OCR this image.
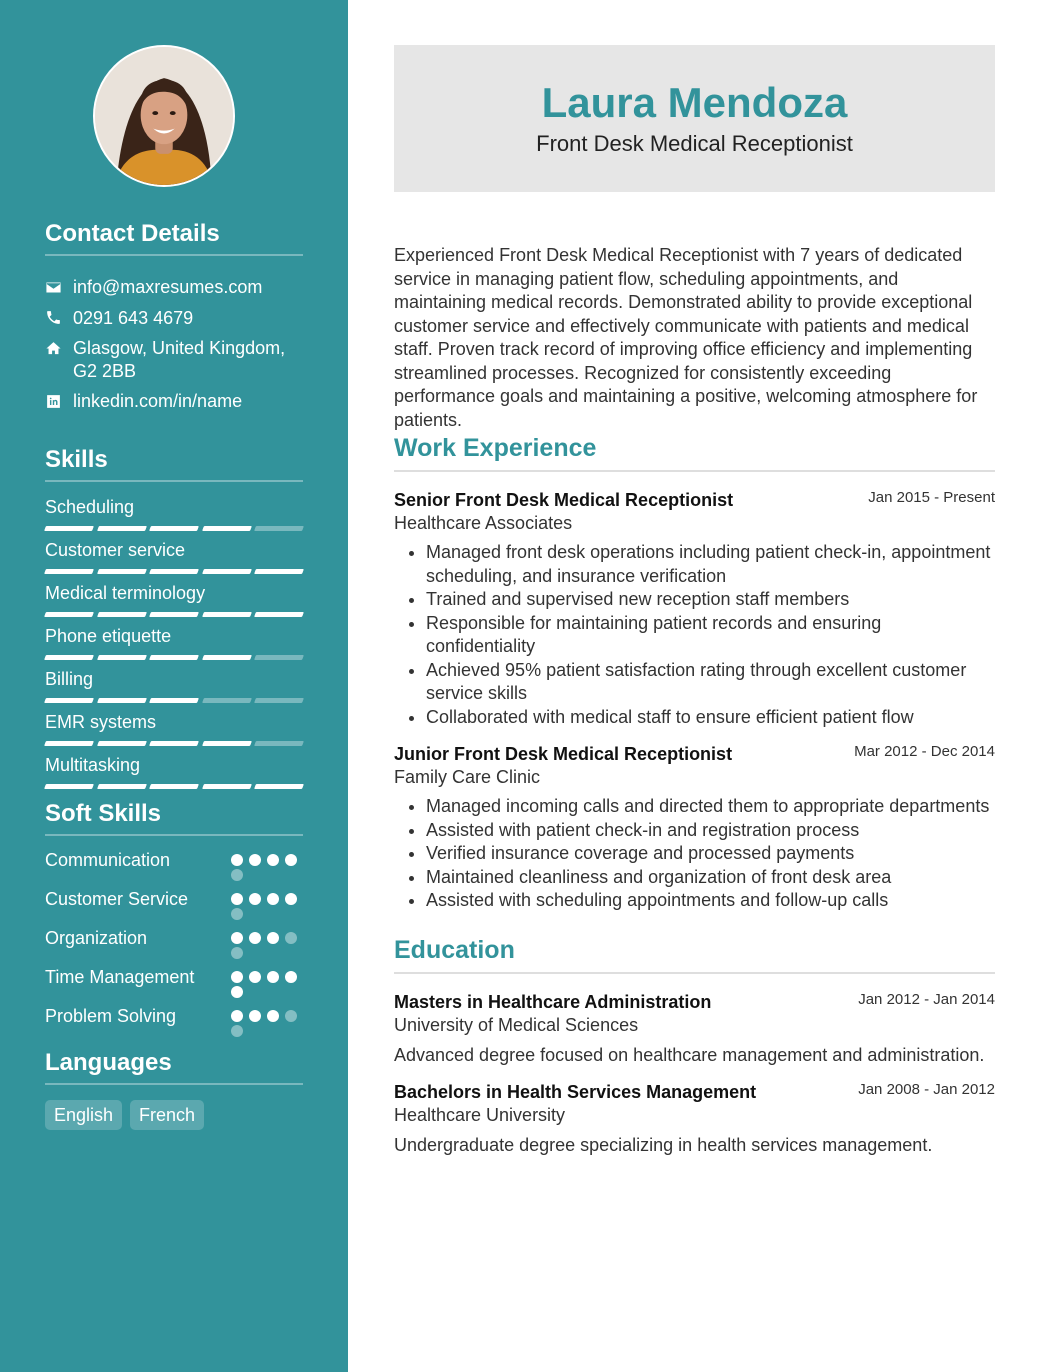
Contact Details
info@maxresumes.com
0291 643 4679
Glasgow, United Kingdom, G2 2BB
linkedin.com/in/name
Skills
Scheduling
Customer service
Medical terminology
Phone etiquette
Billing
EMR systems
Multitasking
Soft Skills
Communication
Customer Service
Organization
Time Management
Problem Solving
Languages
English	French
Laura Mendoza
Front Desk Medical Receptionist

Experienced Front Desk Medical Receptionist with 7 years of dedicated service in managing patient flow, scheduling appointments, and maintaining medical records. Demonstrated ability to provide exceptional customer service and effectively communicate with patients and medical staff. Proven track record of improving office efficiency and implementing streamlined processes. Recognized for consistently exceeding performance goals and maintaining a positive, welcoming atmosphere for patients.

Work Experience
Senior Front Desk Medical Receptionist	Jan 2015 - Present
Healthcare Associates
• Managed front desk operations including patient check-in, appointment scheduling, and insurance verification
• Trained and supervised new reception staff members
• Responsible for maintaining patient records and ensuring confidentiality
• Achieved 95% patient satisfaction rating through excellent customer service skills
• Collaborated with medical staff to ensure efficient patient flow
Junior Front Desk Medical Receptionist	Mar 2012 - Dec 2014
Family Care Clinic
• Managed incoming calls and directed them to appropriate departments
• Assisted with patient check-in and registration process
• Verified insurance coverage and processed payments
• Maintained cleanliness and organization of front desk area
• Assisted with scheduling appointments and follow-up calls
Education
Masters in Healthcare Administration	Jan 2012 - Jan 2014
University of Medical Sciences
Advanced degree focused on healthcare management and administration.
Bachelors in Health Services Management	Jan 2008 - Jan 2012
Healthcare University
Undergraduate degree specializing in health services management.
